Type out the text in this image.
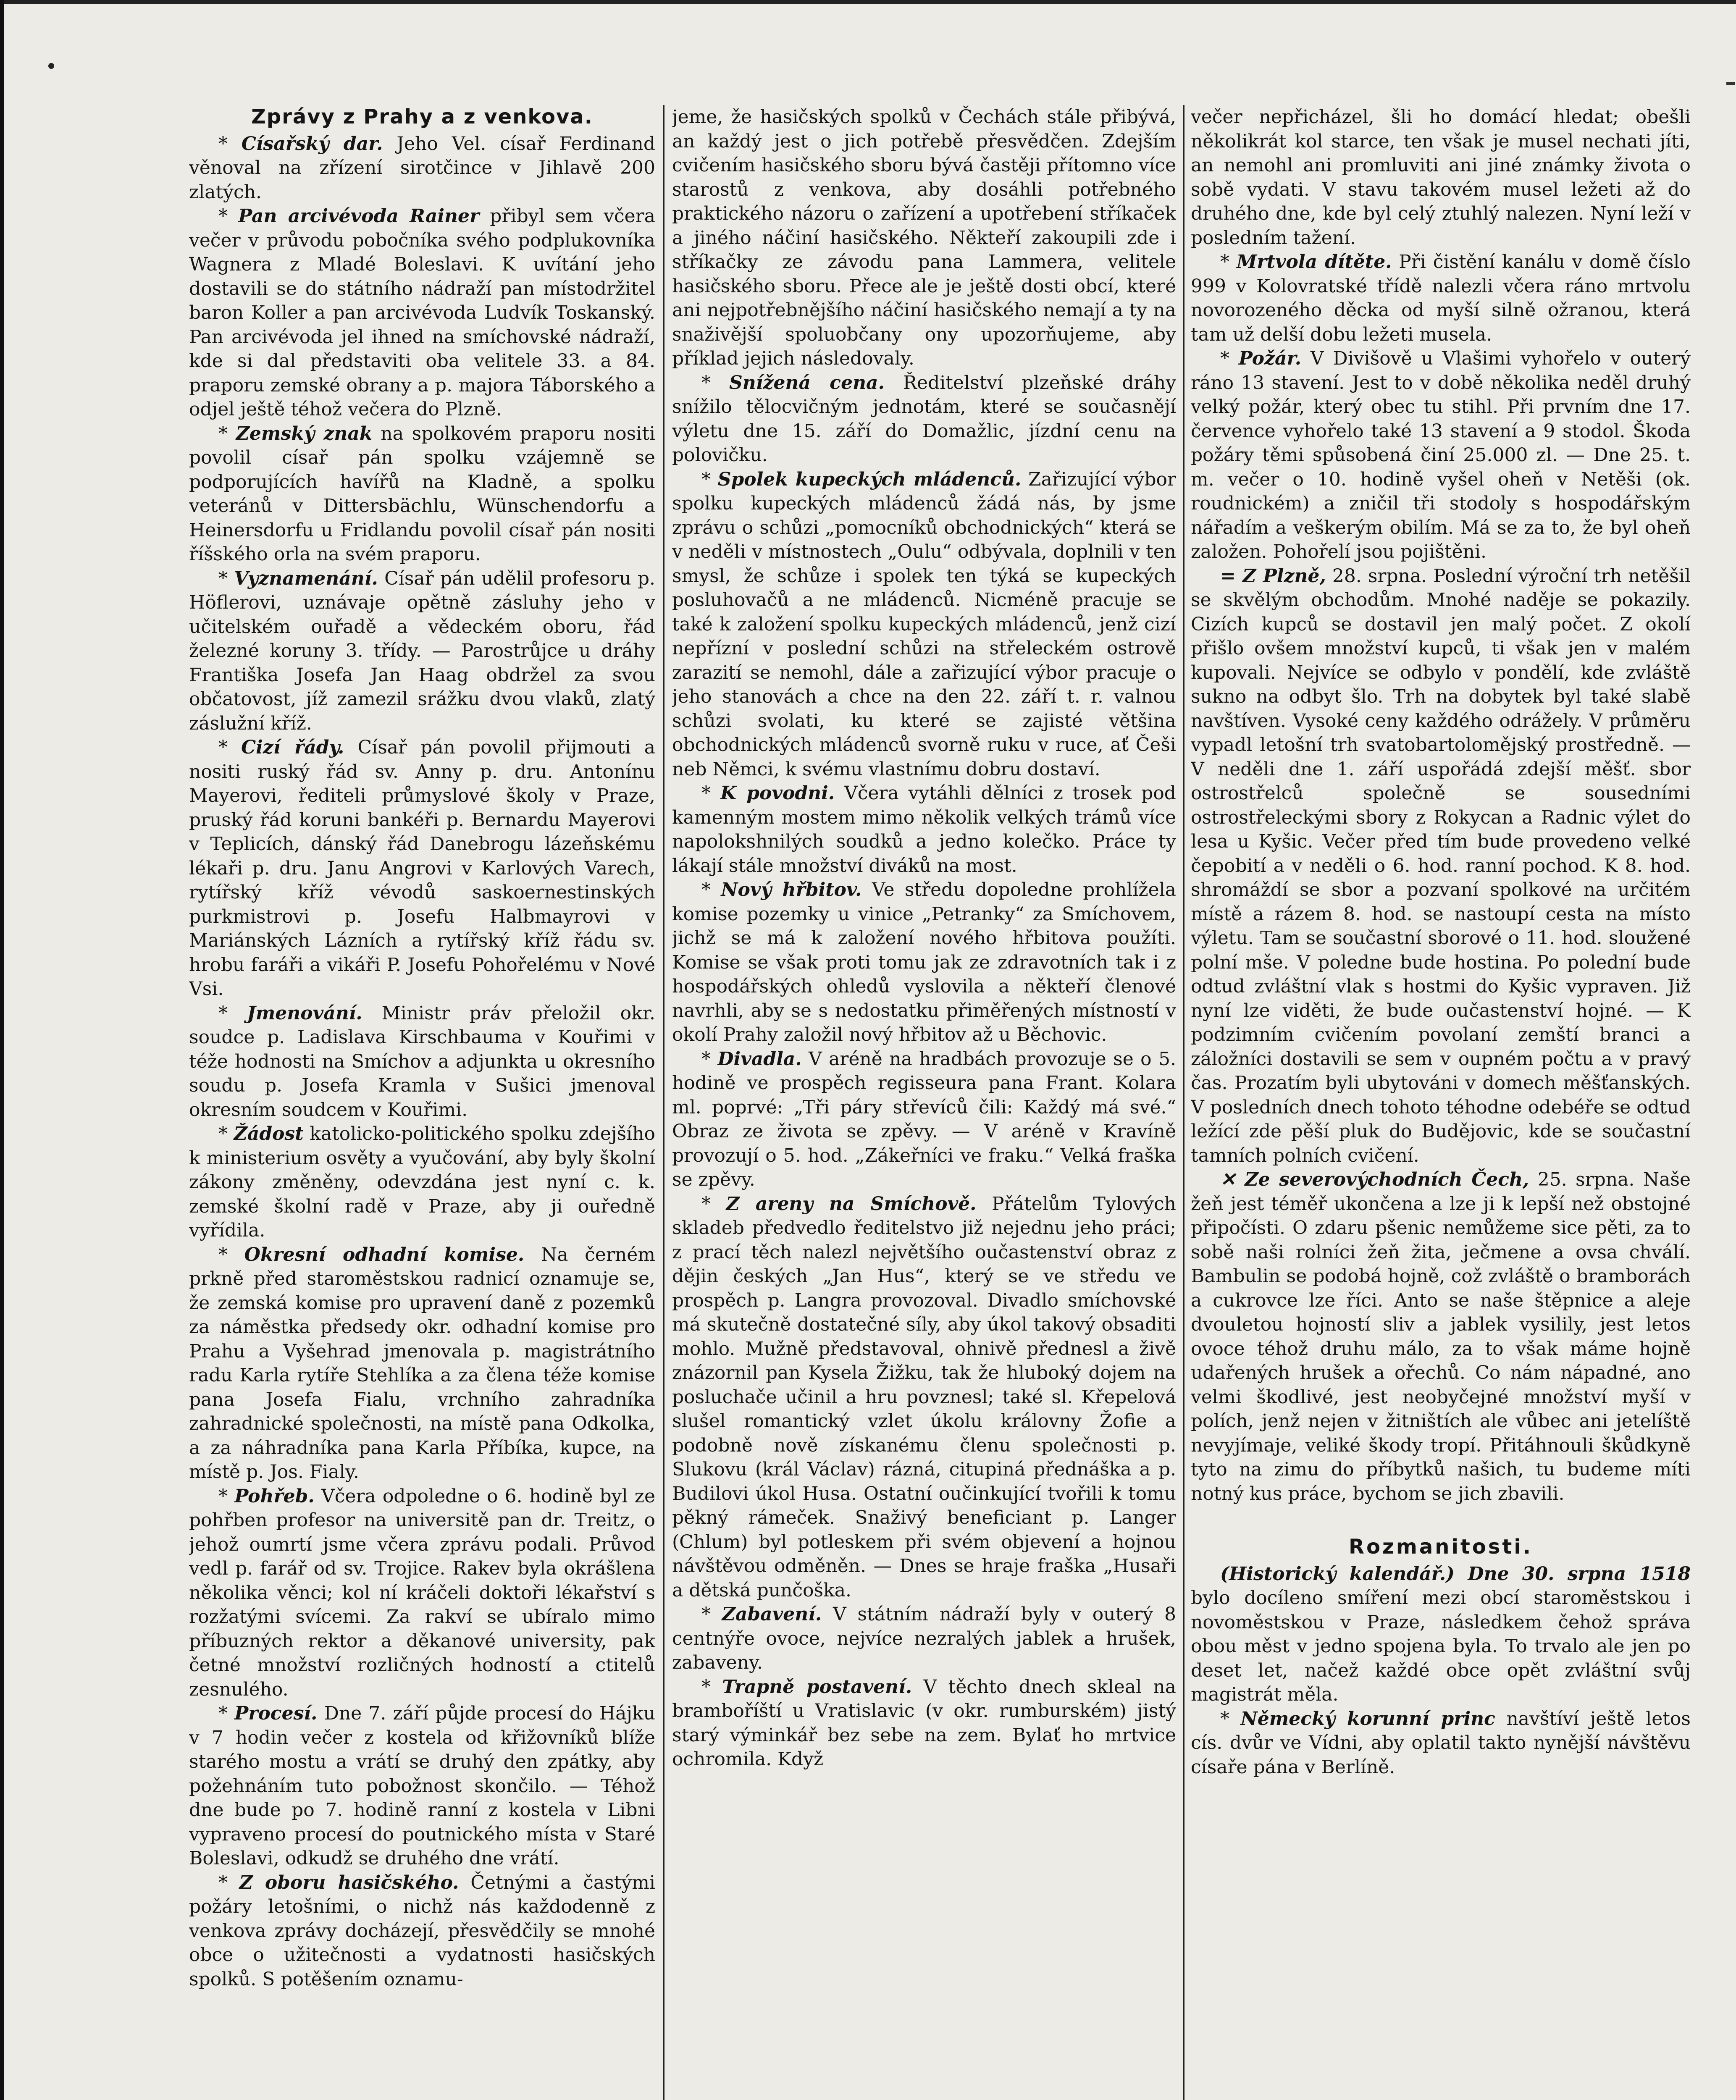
Zprávy z Prahy a z venkova.

* Císařský dar. Jeho Vel. císař Ferdinand věnoval na zřízení sirotčince v Jihlavě 200 zlatých.

* Pan arcivévoda Rainer přibyl sem včera večer v průvodu pobočníka svého podplukovníka Wagnera z Mladé Boleslavi. K uvítání jeho dostavili se do státního nádraží pan místodržitel baron Koller a pan arcivévoda Ludvík Toskanský. Pan arcivévoda jel ihned na smíchovské nádraží, kde si dal představiti oba velitele 33. a 84. praporu zemské obrany a p. majora Táborského a odjel ještě téhož večera do Plzně.

* Zemský znak na spolkovém praporu nositi povolil císař pán spolku vzájemně se podporujících havířů na Kladně, a spolku veteránů v Dittersbächlu, Wünschendorfu a Heinersdorfu u Fridlandu povolil císař pán nositi říšského orla na svém praporu.

* Vyznamenání. Císař pán udělil profesoru p. Höflerovi, uznávaje opětně zásluhy jeho v učitelském ouřadě a vědeckém oboru, řád železné koruny 3. třídy. — Parostrůjce u dráhy Františka Josefa Jan Haag obdržel za svou občatovost, jíž zamezil srážku dvou vlaků, zlatý záslužní kříž.

* Cizí řády. Císař pán povolil přijmouti a nositi ruský řád sv. Anny p. dru. Antonínu Mayerovi, řediteli průmyslové školy v Praze, pruský řád koruni bankéři p. Bernardu Mayerovi v Teplicích, dánský řád Danebrogu lázeňskému lékaři p. dru. Janu Angrovi v Karlových Varech, rytířský kříž vévodů saskoernestinských purkmistrovi p. Josefu Halbmayrovi v Mariánských Lázních a rytířský kříž řádu sv. hrobu faráři a vikáři P. Josefu Pohořelému v Nové Vsi.

* Jmenování. Ministr práv přeložil okr. soudce p. Ladislava Kirschbauma v Kouřimi v téže hodnosti na Smíchov a adjunkta u okresního soudu p. Josefa Kramla v Sušici jmenoval okresním soudcem v Kouřimi.

* Žádost katolicko-politického spolku zdejšího k ministerium osvěty a vyučování, aby byly školní zákony změněny, odevzdána jest nyní c. k. zemské školní radě v Praze, aby ji ouředně vyřídila.

* Okresní odhadní komise. Na černém prkně před staroměstskou radnicí oznamuje se, že zemská komise pro upravení daně z pozemků za náměstka předsedy okr. odhadní komise pro Prahu a Vyšehrad jmenovala p. magistrátního radu Karla rytíře Stehlíka a za člena téže komise pana Josefa Fialu, vrchního zahradníka zahradnické společnosti, na místě pana Odkolka, a za náhradníka pana Karla Příbíka, kupce, na místě p. Jos. Fialy.

* Pohřeb. Včera odpoledne o 6. hodině byl ze pohřben profesor na universitě pan dr. Treitz, o jehož oumrtí jsme včera zprávu podali. Průvod vedl p. farář od sv. Trojice. Rakev byla okrášlena několika věnci; kol ní kráčeli doktoři lékařství s rozžatými svícemi. Za rakví se ubíralo mimo příbuzných rektor a děkanové university, pak četné množství rozličných hodností a ctitelů zesnulého.

* Procesí. Dne 7. září půjde procesí do Hájku v 7 hodin večer z kostela od křižovníků blíže starého mostu a vrátí se druhý den zpátky, aby požehnáním tuto pobožnost skončilo. — Téhož dne bude po 7. hodině ranní z kostela v Libni vypraveno procesí do poutnického místa v Staré Boleslavi, odkudž se druhého dne vrátí.

* Z oboru hasičského. Četnými a častými požáry letošními, o nichž nás každodenně z venkova zprávy docházejí, přesvědčily se mnohé obce o užitečnosti a vydatnosti hasičských spolků. S potěšením oznamu-

jeme, že hasičských spolků v Čechách stále přibývá, an každý jest o jich potřebě přesvědčen. Zdejším cvičením hasičského sboru bývá častěji přítomno více starostů z venkova, aby dosáhli potřebného praktického názoru o zařízení a upotřebení stříkaček a jiného náčiní hasičského. Někteří zakoupili zde i stříkačky ze závodu pana Lammera, velitele hasičského sboru. Přece ale je ještě dosti obcí, které ani nejpotřebnějšího náčiní hasičského nemají a ty na snaživější spoluobčany ony upozorňujeme, aby příklad jejich následovaly.

* Snížená cena. Ředitelství plzeňské dráhy snížilo tělocvičným jednotám, které se současnějí výletu dne 15. září do Domažlic, jízdní cenu na polovičku.

* Spolek kupeckých mládenců. Zařizující výbor spolku kupeckých mládenců žádá nás, by jsme zprávu o schůzi „pomocníků obchodnických“ která se v neděli v místnostech „Oulu“ odbývala, doplnili v ten smysl, že schůze i spolek ten týká se kupeckých posluhovačů a ne mládenců. Nicméně pracuje se také k založení spolku kupeckých mládenců, jenž cizí nepřízní v poslední schůzi na střeleckém ostrově zarazití se nemohl, dále a zařizující výbor pracuje o jeho stanovách a chce na den 22. září t. r. valnou schůzi svolati, ku které se zajisté většina obchodnických mládenců svorně ruku v ruce, ať Češi neb Němci, k svému vlastnímu dobru dostaví.

* K povodni. Včera vytáhli dělníci z trosek pod kamenným mostem mimo několik velkých trámů více napolokshnilých soudků a jedno kolečko. Práce ty lákají stále množství diváků na most.

* Nový hřbitov. Ve středu dopoledne prohlížela komise pozemky u vinice „Petranky“ za Smíchovem, jichž se má k založení nového hřbitova použíti. Komise se však proti tomu jak ze zdravotních tak i z hospodářských ohledů vyslovila a někteří členové navrhli, aby se s nedostatku přiměřených místností v okolí Prahy založil nový hřbitov až u Běchovic.

* Divadla. V aréně na hradbách provozuje se o 5. hodině ve prospěch regisseura pana Frant. Kolara ml. poprvé: „Tři páry střevíců čili: Každý má své.“ Obraz ze života se zpěvy. — V aréně v Kravíně provozují o 5. hod. „Zákeřníci ve fraku.“ Velká fraška se zpěvy.

* Z areny na Smíchově. Přátelům Tylových skladeb předvedlo ředitelstvo již nejednu jeho práci; z prací těch nalezl největšího oučastenství obraz z dějin českých „Jan Hus“, který se ve středu ve prospěch p. Langra provozoval. Divadlo smíchovské má skutečně dostatečné síly, aby úkol takový obsaditi mohlo. Mužně představoval, ohnivě přednesl a živě znázornil pan Kysela Žižku, tak že hluboký dojem na posluchače učinil a hru povznesl; také sl. Křepelová slušel romantický vzlet úkolu královny Žofie a podobně nově získanému členu společnosti p. Slukovu (král Václav) rázná, citupiná přednáška a p. Budilovi úkol Husa. Ostatní oučinkující tvořili k tomu pěkný rámeček. Snaživý beneficiant p. Langer (Chlum) byl potleskem při svém objevení a hojnou návštěvou odměněn. — Dnes se hraje fraška „Husaři a dětská punčoška.

* Zabavení. V státním nádraží byly v outerý 8 centnýře ovoce, nejvíce nezralých jablek a hrušek, zabaveny.

* Trapně postavení. V těchto dnech skleal na bramboříští u Vratislavic (v okr. rumburském) jistý starý výminkář bez sebe na zem. Bylať ho mrtvice ochromila. Když

večer nepřicházel, šli ho domácí hledat; obešli několikrát kol starce, ten však je musel nechati jíti, an nemohl ani promluviti ani jiné známky života o sobě vydati. V stavu takovém musel ležeti až do druhého dne, kde byl celý ztuhlý nalezen. Nyní leží v posledním tažení.

* Mrtvola dítěte. Při čistění kanálu v domě číslo 999 v Kolovratské třídě nalezli včera ráno mrtvolu novorozeného děcka od myší silně ožranou, která tam už delší dobu ležeti musela.

* Požár. V Divišově u Vlašimi vyhořelo v outerý ráno 13 stavení. Jest to v době několika neděl druhý velký požár, který obec tu stihl. Při prvním dne 17. července vyhořelo také 13 stavení a 9 stodol. Škoda požáry těmi spůsobená činí 25.000 zl. — Dne 25. t. m. večer o 10. hodině vyšel oheň v Netěši (ok. roudnickém) a zničil tři stodoly s hospodářským nářadím a veškerým obilím. Má se za to, že byl oheň založen. Pohořelí jsou pojištěni.

= Z Plzně, 28. srpna. Poslední výroční trh netěšil se skvělým obchodům. Mnohé naděje se pokazily. Cizích kupců se dostavil jen malý počet. Z okolí přišlo ovšem množství kupců, ti však jen v malém kupovali. Nejvíce se odbylo v pondělí, kde zvláště sukno na odbyt šlo. Trh na dobytek byl také slabě navštíven. Vysoké ceny každého odrážely. V průměru vypadl letošní trh svatobartolomějský prostředně. — V neděli dne 1. září uspořádá zdejší měšť. sbor ostrostřelců společně se sousedními ostrostřeleckými sbory z Rokycan a Radnic výlet do lesa u Kyšic. Večer před tím bude provedeno velké čepobití a v neděli o 6. hod. ranní pochod. K 8. hod. shromáždí se sbor a pozvaní spolkové na určitém místě a rázem 8. hod. se nastoupí cesta na místo výletu. Tam se součastní sborové o 11. hod. sloužené polní mše. V poledne bude hostina. Po polední bude odtud zvláštní vlak s hostmi do Kyšic vypraven. Již nyní lze viděti, že bude oučastenství hojné. — K podzimním cvičením povolaní zemští branci a záložníci dostavili se sem v oupném počtu a v pravý čas. Prozatím byli ubytováni v domech měšťanských. V posledních dnech tohoto téhodne odebéře se odtud ležící zde pěší pluk do Budějovic, kde se součastní tamních polních cvičení.

✕ Ze severovýchodních Čech, 25. srpna. Naše žeň jest téměř ukončena a lze ji k lepší než obstojné připočísti. O zdaru pšenic nemůžeme sice pěti, za to sobě naši rolníci žeň žita, ječmene a ovsa chválí. Bambulin se podobá hojně, což zvláště o bramborách a cukrovce lze říci. Anto se naše štěpnice a aleje dvouletou hojností sliv a jablek vysilily, jest letos ovoce téhož druhu málo, za to však máme hojně udařených hrušek a ořechů. Co nám nápadné, ano velmi škodlivé, jest neobyčejné množství myší v polích, jenž nejen v žitništích ale vůbec ani jetelíště nevyjímaje, veliké škody tropí. Přitáhnouli škůdkyně tyto na zimu do příbytků našich, tu budeme míti notný kus práce, bychom se jich zbavili.

Rozmanitosti.

(Historický kalendář.) Dne 30. srpna 1518 bylo docíleno smíření mezi obcí staroměstskou i novoměstskou v Praze, následkem čehož správa obou měst v jedno spojena byla. To trvalo ale jen po deset let, načež každé obce opět zvláštní svůj magistrát měla.

* Německý korunní princ navštíví ještě letos cís. dvůr ve Vídni, aby oplatil takto nynější návštěvu císaře pána v Berlíně.
